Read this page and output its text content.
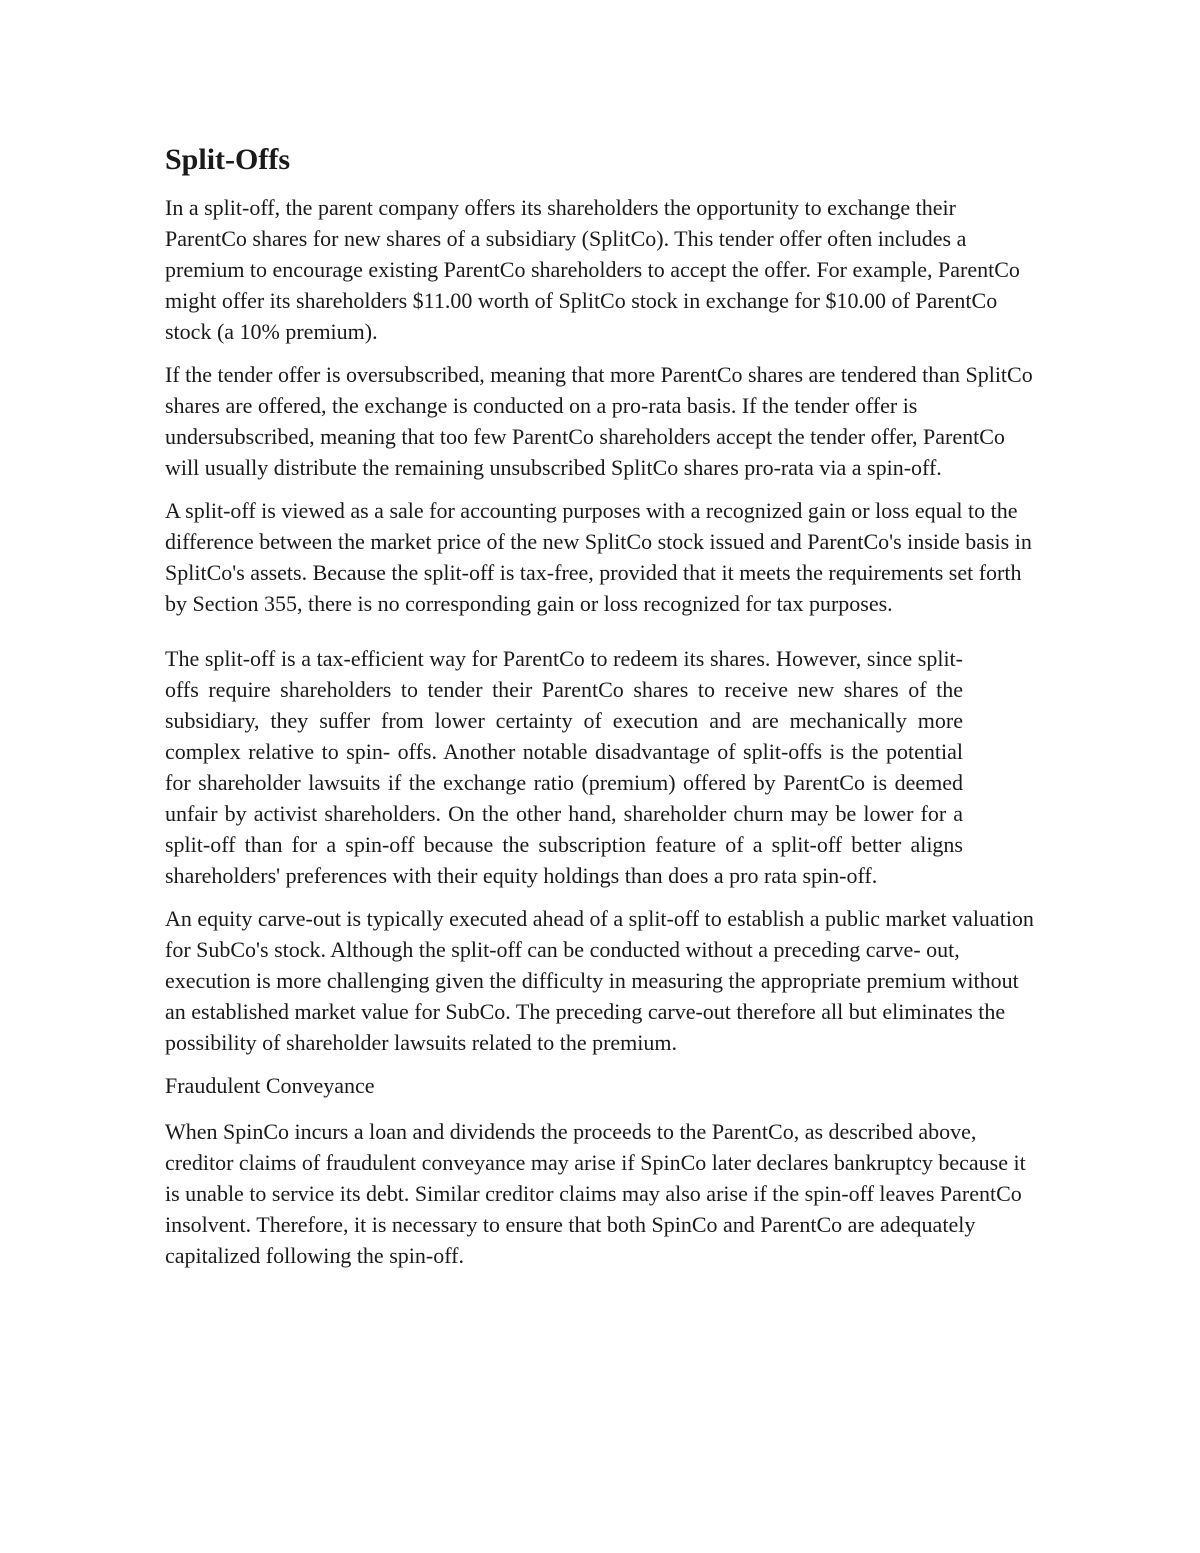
Split-Offs

In a split-off, the parent company offers its shareholders the opportunity to exchange their ParentCo shares for new shares of a subsidiary (SplitCo). This tender offer often includes a premium to encourage existing ParentCo shareholders to accept the offer. For example, ParentCo might offer its shareholders $11.00 worth of SplitCo stock in exchange for $10.00 of ParentCo stock (a 10% premium).

If the tender offer is oversubscribed, meaning that more ParentCo shares are tendered than SplitCo shares are offered, the exchange is conducted on a pro-rata basis. If the tender offer is undersubscribed, meaning that too few ParentCo shareholders accept the tender offer, ParentCo will usually distribute the remaining unsubscribed SplitCo shares pro-rata via a spin-off.

A split-off is viewed as a sale for accounting purposes with a recognized gain or loss equal to the difference between the market price of the new SplitCo stock issued and ParentCo's inside basis in SplitCo's assets. Because the split-off is tax-free, provided that it meets the requirements set forth by Section 355, there is no corresponding gain or loss recognized for tax purposes.

The split-off is a tax-efficient way for ParentCo to redeem its shares. However, since split-offs require shareholders to tender their ParentCo shares to receive new shares of the subsidiary, they suffer from lower certainty of execution and are mechanically more complex relative to spin- offs. Another notable disadvantage of split-offs is the potential for shareholder lawsuits if the exchange ratio (premium) offered by ParentCo is deemed unfair by activist shareholders. On the other hand, shareholder churn may be lower for a split-off than for a spin-off because the subscription feature of a split-off better aligns shareholders' preferences with their equity holdings than does a pro rata spin-off.

An equity carve-out is typically executed ahead of a split-off to establish a public market valuation for SubCo's stock. Although the split-off can be conducted without a preceding carve- out, execution is more challenging given the difficulty in measuring the appropriate premium without an established market value for SubCo. The preceding carve-out therefore all but eliminates the possibility of shareholder lawsuits related to the premium.

Fraudulent Conveyance

When SpinCo incurs a loan and dividends the proceeds to the ParentCo, as described above, creditor claims of fraudulent conveyance may arise if SpinCo later declares bankruptcy because it is unable to service its debt. Similar creditor claims may also arise if the spin-off leaves ParentCo insolvent. Therefore, it is necessary to ensure that both SpinCo and ParentCo are adequately capitalized following the spin-off.
